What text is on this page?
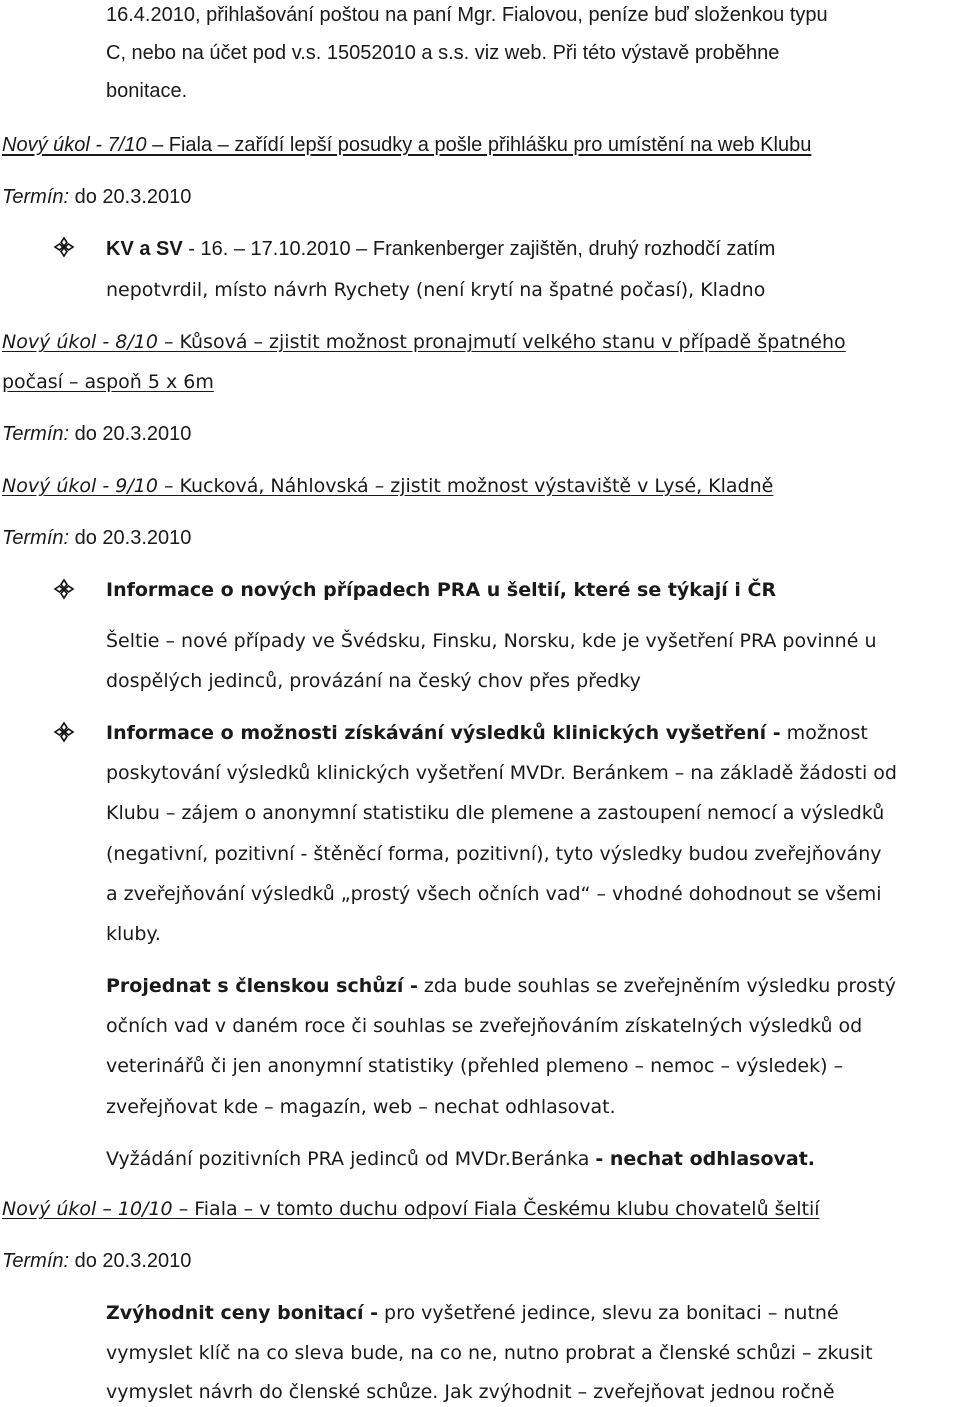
16.4.2010, přihlašování poštou na paní Mgr. Fialovou, peníze buď složenkou typu

C, nebo na účet pod v.s. 15052010 a s.s. viz web. Při této výstavě proběhne

bonitace.

Nový úkol - 7/10 – Fiala – zařídí lepší posudky a pošle přihlášku pro umístění na web Klubu

Termín: do 20.3.2010

KV a SV - 16. – 17.10.2010 – Frankenberger zajištěn, druhý rozhodčí zatím

nepotvrdil, místo návrh Rychety (není krytí na špatné počasí), Kladno

Nový úkol - 8/10 – Kůsová – zjistit možnost pronajmutí velkého stanu v případě špatného

počasí – aspoň 5 x 6m

Termín: do 20.3.2010

Nový úkol - 9/10 – Kucková, Náhlovská – zjistit možnost výstaviště v Lysé, Kladně

Termín: do 20.3.2010

Informace o nových případech PRA u šeltií, které se týkají i ČR

Šeltie – nové případy ve Švédsku, Finsku, Norsku, kde je vyšetření PRA povinné u

dospělých jedinců, provázání na český chov přes předky

Informace o možnosti získávání výsledků klinických vyšetření - možnost

poskytování výsledků klinických vyšetření MVDr. Beránkem – na základě žádosti od

Klubu – zájem o anonymní statistiku dle plemene a zastoupení nemocí a výsledků

(negativní, pozitivní - štěněcí forma, pozitivní), tyto výsledky budou zveřejňovány

a zveřejňování výsledků „prostý všech očních vad“ – vhodné dohodnout se všemi

kluby.

Projednat s členskou schůzí - zda bude souhlas se zveřejněním výsledku prostý

očních vad v daném roce či souhlas se zveřejňováním získatelných výsledků od

veterinářů či jen anonymní statistiky (přehled plemeno – nemoc – výsledek) –

zveřejňovat kde – magazín, web – nechat odhlasovat.

Vyžádání pozitivních PRA jedinců od MVDr.Beránka - nechat odhlasovat.

Nový úkol – 10/10 – Fiala – v tomto duchu odpoví Fiala Českému klubu chovatelů šeltií

Termín: do 20.3.2010

Zvýhodnit ceny bonitací - pro vyšetřené jedince, slevu za bonitaci – nutné

vymyslet klíč na co sleva bude, na co ne, nutno probrat a členské schůzi – zkusit

vymyslet návrh do členské schůze. Jak zvýhodnit – zveřejňovat jednou ročně
